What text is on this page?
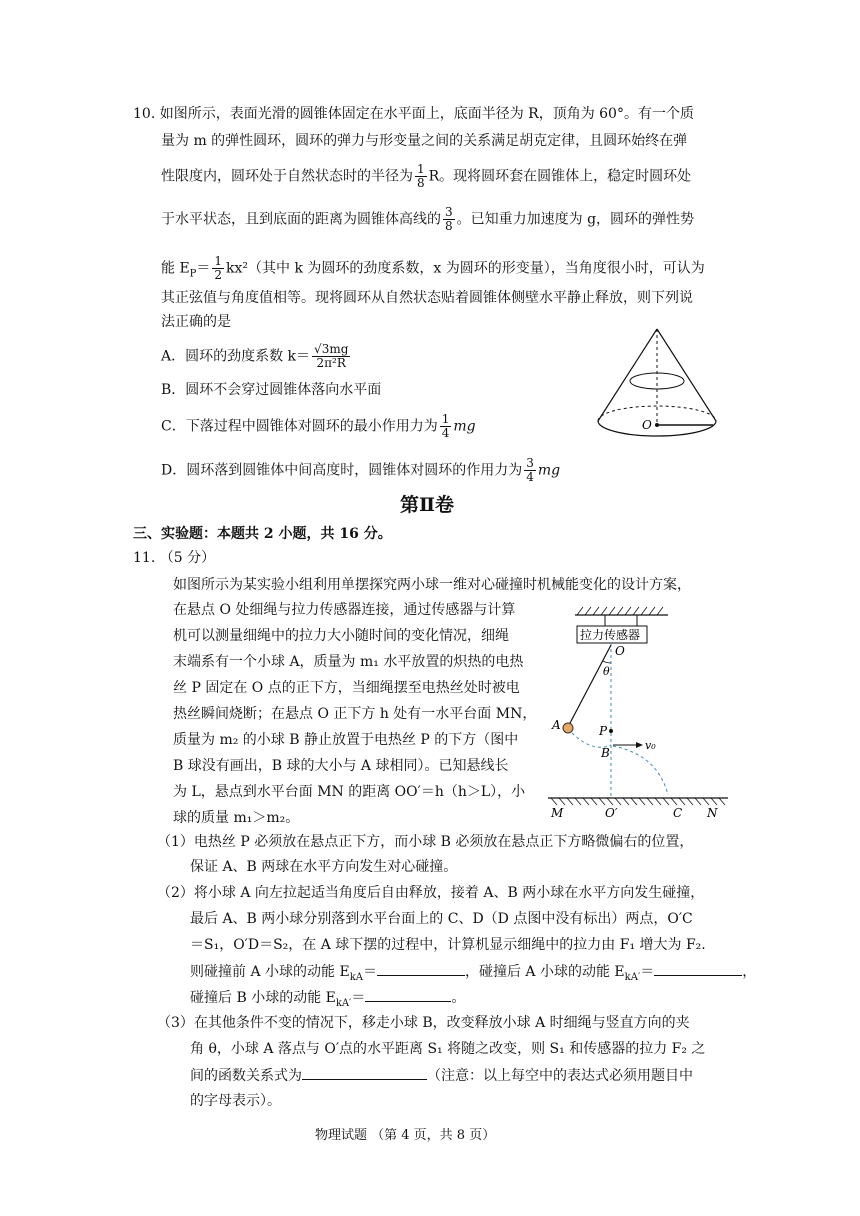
10. 如图所示，表面光滑的圆锥体固定在水平面上，底面半径为 R，顶角为 60°。有一个质
量为 m 的弹性圆环，圆环的弹力与形变量之间的关系满足胡克定律，且圆环始终在弹
性限度内，圆环处于自然状态时的半径为 $\frac{1}{8}$ R。现将圆环套在圆锥体上，稳定时圆环处
于水平状态，且到底面的距离为圆锥体高线的 $\frac{3}{8}$ 。已知重力加速度为 g，圆环的弹性势
能 $E_P= \frac{1}{2} kx^2$（其中 k 为圆环的劲度系数，x 为圆环的形变量），当角度很小时，可认为
其正弦值与角度值相等。现将圆环从自然状态贴着圆锥体侧壁水平静止释放，则下列说
法正确的是
A．圆环的劲度系数 $k= \frac{√3mg}{\text{2π²R}}$
B．圆环不会穿过圆锥体落向水平面
C．下落过程中圆锥体对圆环的最小作用力为 $\frac{1}{4}$ mg
D．圆环落到圆锥体中间高度时，圆锥体对圆环的作用力为 $\frac{3}{4}$ mg
O
第Ⅱ卷
三、实验题：本题共 2 小题，共 16 分。
11. （5 分）
如图所示为某实验小组利用单摆探究两小球一维对心碰撞时机械能变化的设计方案，
在悬点 O 处细绳与拉力传感器连接，通过传感器与计算
机可以测量细绳中的拉力大小随时间的变化情况，细绳
末端系有一个小球 A，质量为 m₁ 水平放置的炽热的电热
丝 P 固定在 O 点的正下方，当细绳摆至电热丝处时被电
热丝瞬间烧断；在悬点 O 正下方 h 处有一水平台面 MN，
质量为 m₂ 的小球 B 静止放置于电热丝 P 的下方（图中
B 球没有画出，B 球的大小与 A 球相同）。已知悬线长
为 L，悬点到水平台面 MN 的距离 OO′＝h（h＞L），小
球的质量 m₁＞m₂。
拉力传感器
O
θ
A	P
B
v₀
M	O′	C N
（1）电热丝 P 必须放在悬点正下方，而小球 B 必须放在悬点正下方略微偏右的位置，
保证 A、B 两球在水平方向发生对心碰撞。
（2）将小球 A 向左拉起适当角度后自由释放，接着 A、B 两小球在水平方向发生碰撞，
最后 A、B 两小球分别落到水平台面上的 C、D（D 点图中没有标出）两点，O′C
＝S₁，O′D＝S₂，在 A 球下摆的过程中，计算机显示细绳中的拉力由 F₁ 增大为 F₂.
则碰撞前 A 小球的动能 $E_{kA}=$	，碰撞后 A 小球的动能 $E_{kA'}=$	，
碰撞后 B 小球的动能 $E_{kA'}=$	。
（3）在其他条件不变的情况下，移走小球 B，改变释放小球 A 时细绳与竖直方向的夹
角 θ，小球 A 落点与 O′点的水平距离 S₁ 将随之改变，则 S₁ 和传感器的拉力 F₂ 之
间的函数关系式为	（注意：以上每空中的表达式必须用题目中
的字母表示）。
物理试题 （第 4 页，共 8 页）
